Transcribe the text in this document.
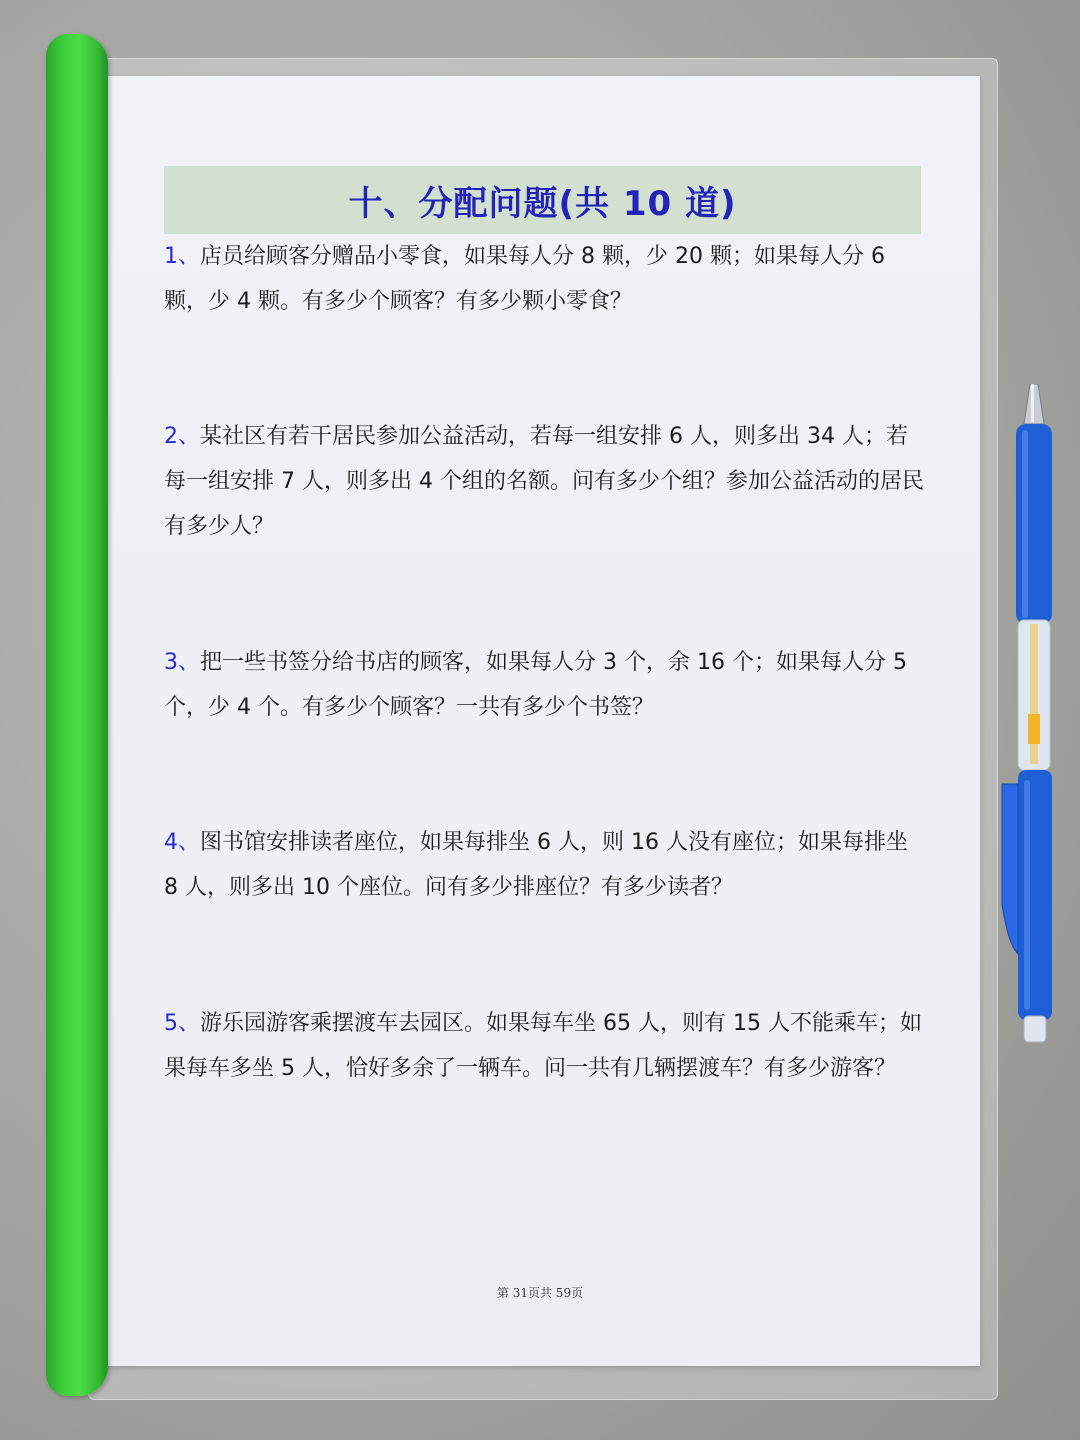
十、分配问题(共 10 道)
1、店员给顾客分赠品小零食，如果每人分 8 颗，少 20 颗；如果每人分 6 颗，少 4 颗。有多少个顾客？有多少颗小零食？
2、某社区有若干居民参加公益活动，若每一组安排 6 人，则多出 34 人；若每一组安排 7 人，则多出 4 个组的名额。问有多少个组？参加公益活动的居民有多少人？
3、把一些书签分给书店的顾客，如果每人分 3 个，余 16 个；如果每人分 5 个，少 4 个。有多少个顾客？一共有多少个书签？
4、图书馆安排读者座位，如果每排坐 6 人，则 16 人没有座位；如果每排坐 8 人，则多出 10 个座位。问有多少排座位？有多少读者？
5、游乐园游客乘摆渡车去园区。如果每车坐 65 人，则有 15 人不能乘车；如果每车多坐 5 人，恰好多余了一辆车。问一共有几辆摆渡车？有多少游客？
第 31页共 59页
